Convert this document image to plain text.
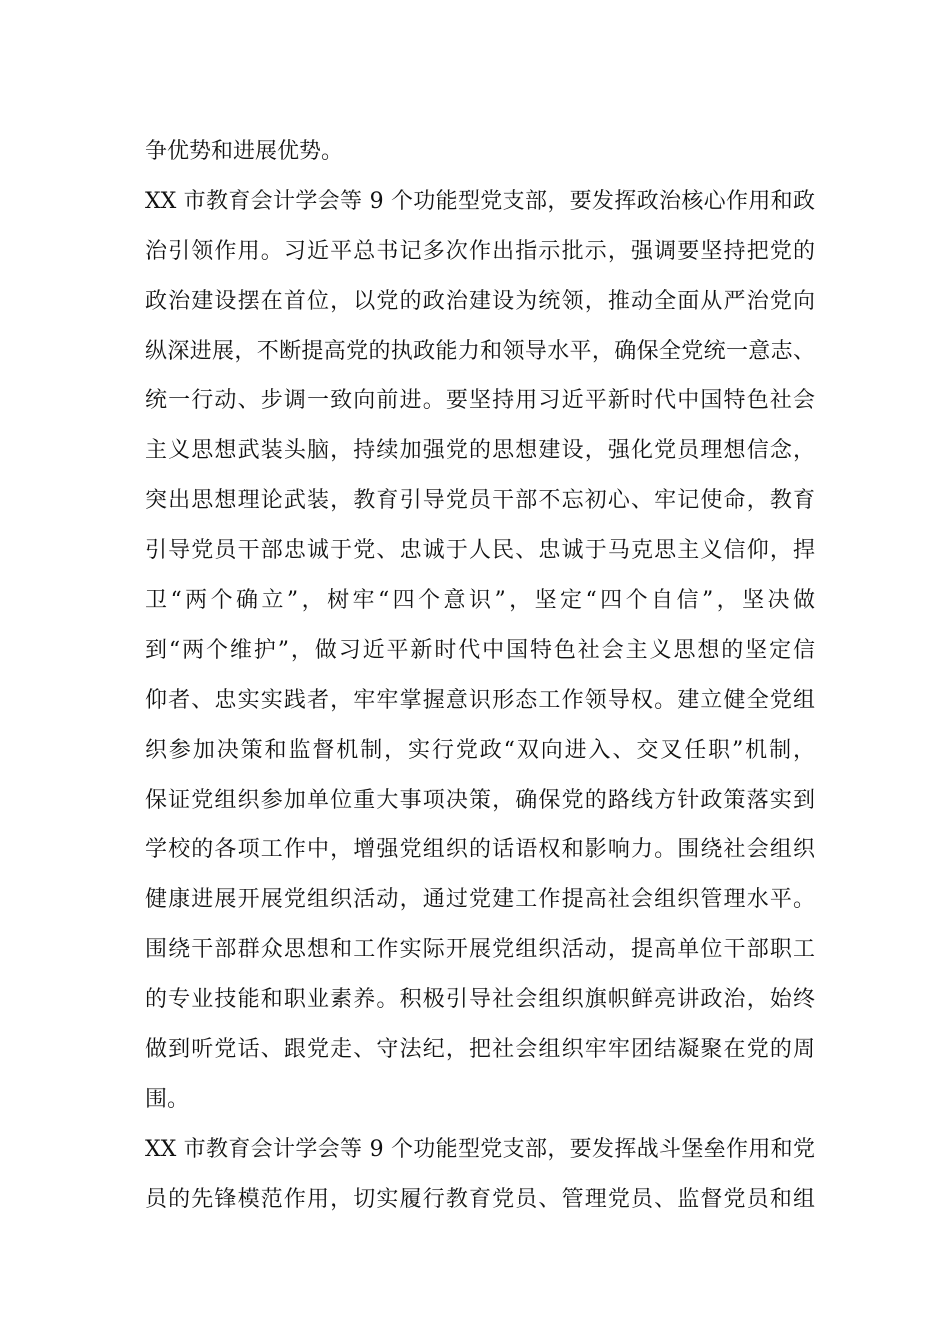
争优势和进展优势。
XX 市教育会计学会等 9 个功能型党支部，要发挥政治核心作用和政
治引领作用。习近平总书记多次作出指示批示，强调要坚持把党的
政治建设摆在首位，以党的政治建设为统领，推动全面从严治党向
纵深进展，不断提高党的执政能力和领导水平，确保全党统一意志、
统一行动、步调一致向前进。要坚持用习近平新时代中国特色社会
主义思想武装头脑，持续加强党的思想建设，强化党员理想信念，
突出思想理论武装，教育引导党员干部不忘初心、牢记使命，教育
引导党员干部忠诚于党、忠诚于人民、忠诚于马克思主义信仰，捍
卫“两个确立”，树牢“四个意识”，坚定“四个自信”，坚决做
到“两个维护”，做习近平新时代中国特色社会主义思想的坚定信
仰者、忠实实践者，牢牢掌握意识形态工作领导权。建立健全党组
织参加决策和监督机制，实行党政“双向进入、交叉任职”机制，
保证党组织参加单位重大事项决策，确保党的路线方针政策落实到
学校的各项工作中，增强党组织的话语权和影响力。围绕社会组织
健康进展开展党组织活动，通过党建工作提高社会组织管理水平。
围绕干部群众思想和工作实际开展党组织活动，提高单位干部职工
的专业技能和职业素养。积极引导社会组织旗帜鲜亮讲政治，始终
做到听党话、跟党走、守法纪，把社会组织牢牢团结凝聚在党的周
围。
XX 市教育会计学会等 9 个功能型党支部，要发挥战斗堡垒作用和党
员的先锋模范作用，切实履行教育党员、管理党员、监督党员和组
